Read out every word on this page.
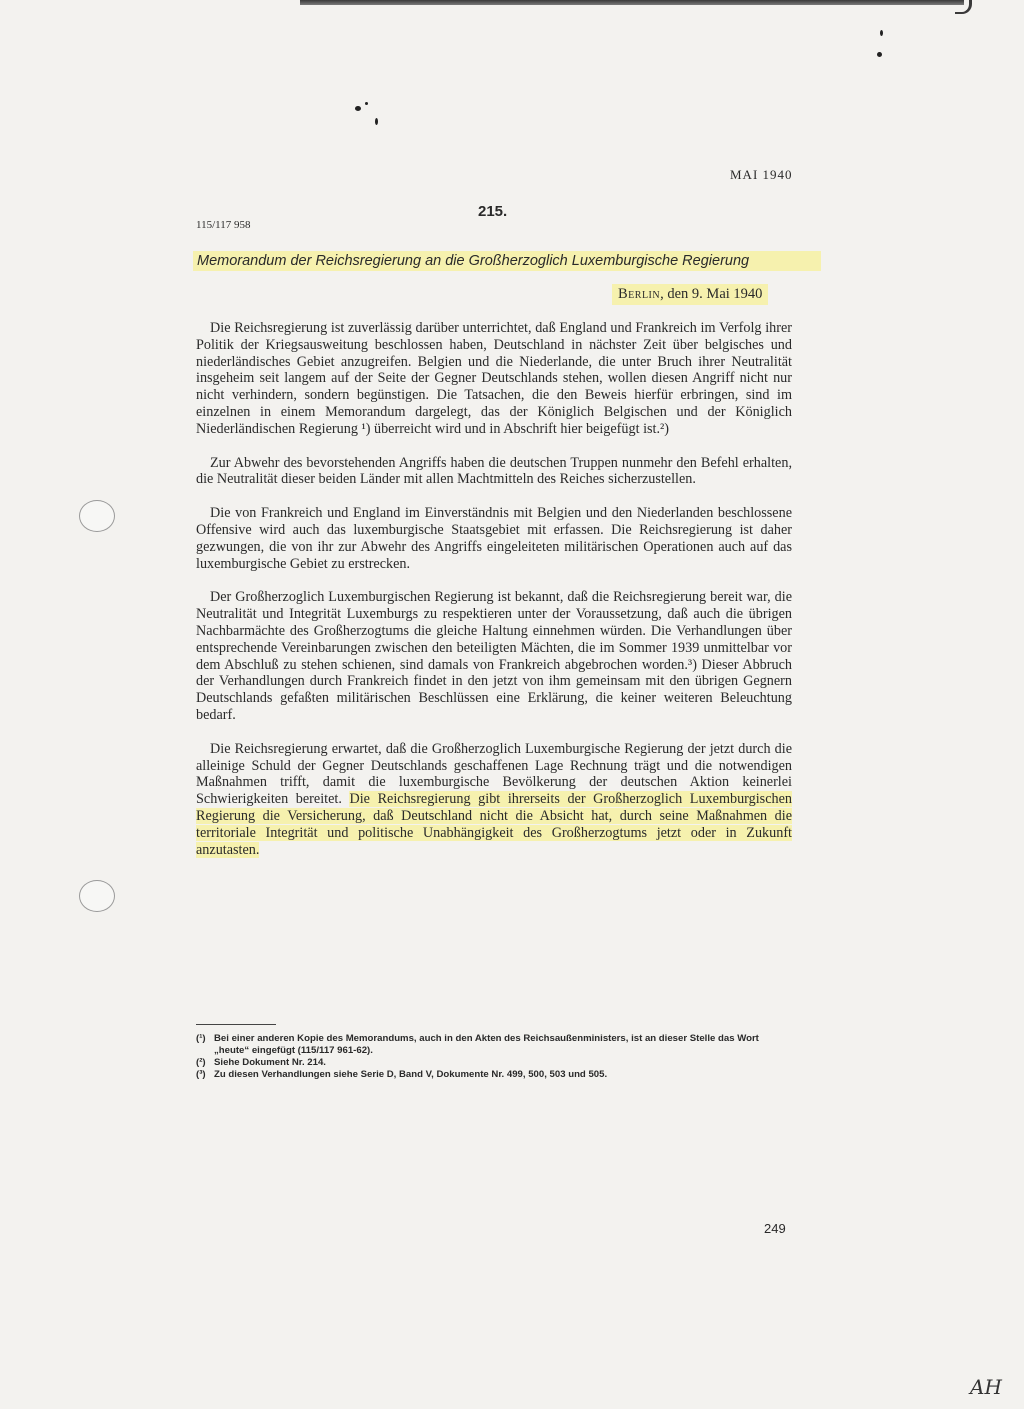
MAI 1940
215.
115/117 958
Memorandum der Reichsregierung an die Großherzoglich Luxemburgische Regierung
Berlin, den 9. Mai 1940

Die Reichsregierung ist zuverlässig darüber unterrichtet, daß England und Frankreich im Verfolg ihrer Politik der Kriegsausweitung beschlossen haben, Deutschland in nächster Zeit über belgisches und niederländisches Gebiet anzugreifen. Belgien und die Niederlande, die unter Bruch ihrer Neutralität insgeheim seit langem auf der Seite der Gegner Deutschlands stehen, wollen diesen Angriff nicht nur nicht verhindern, sondern begünstigen. Die Tatsachen, die den Beweis hierfür erbringen, sind im einzelnen in einem Memorandum dargelegt, das der Königlich Belgischen und der Königlich Niederländischen Regierung ¹) überreicht wird und in Abschrift hier beigefügt ist.²)

Zur Abwehr des bevorstehenden Angriffs haben die deutschen Truppen nunmehr den Befehl erhalten, die Neutralität dieser beiden Länder mit allen Machtmitteln des Reiches sicherzustellen.

Die von Frankreich und England im Einverständnis mit Belgien und den Niederlanden beschlossene Offensive wird auch das luxemburgische Staatsgebiet mit erfassen. Die Reichsregierung ist daher gezwungen, die von ihr zur Abwehr des Angriffs eingeleiteten militärischen Operationen auch auf das luxemburgische Gebiet zu erstrecken.

Der Großherzoglich Luxemburgischen Regierung ist bekannt, daß die Reichsregierung bereit war, die Neutralität und Integrität Luxemburgs zu respektieren unter der Voraussetzung, daß auch die übrigen Nachbarmächte des Großherzogtums die gleiche Haltung einnehmen würden. Die Verhandlungen über entsprechende Vereinbarungen zwischen den beteiligten Mächten, die im Sommer 1939 unmittelbar vor dem Abschluß zu stehen schienen, sind damals von Frankreich abgebrochen worden.³) Dieser Abbruch der Verhandlungen durch Frankreich findet in den jetzt von ihm gemeinsam mit den übrigen Gegnern Deutschlands gefaßten militärischen Beschlüssen eine Erklärung, die keiner weiteren Beleuchtung bedarf.

Die Reichsregierung erwartet, daß die Großherzoglich Luxemburgische Regierung der jetzt durch die alleinige Schuld der Gegner Deutschlands geschaffenen Lage Rechnung trägt und die notwendigen Maßnahmen trifft, damit die luxemburgische Bevölkerung der deutschen Aktion keinerlei Schwierigkeiten bereitet. Die Reichsregierung gibt ihrerseits der Großherzoglich Luxemburgischen Regierung die Versicherung, daß Deutschland nicht die Absicht hat, durch seine Maßnahmen die territoriale Integrität und politische Unabhängigkeit des Großherzogtums jetzt oder in Zukunft anzutasten.

(¹) Bei einer anderen Kopie des Memorandums, auch in den Akten des Reichsaußenministers, ist an dieser Stelle das Wort „heute“ eingefügt (115/117 961-62).
(²) Siehe Dokument Nr. 214.
(³) Zu diesen Verhandlungen siehe Serie D, Band V, Dokumente Nr. 499, 500, 503 und 505.
249
AH
